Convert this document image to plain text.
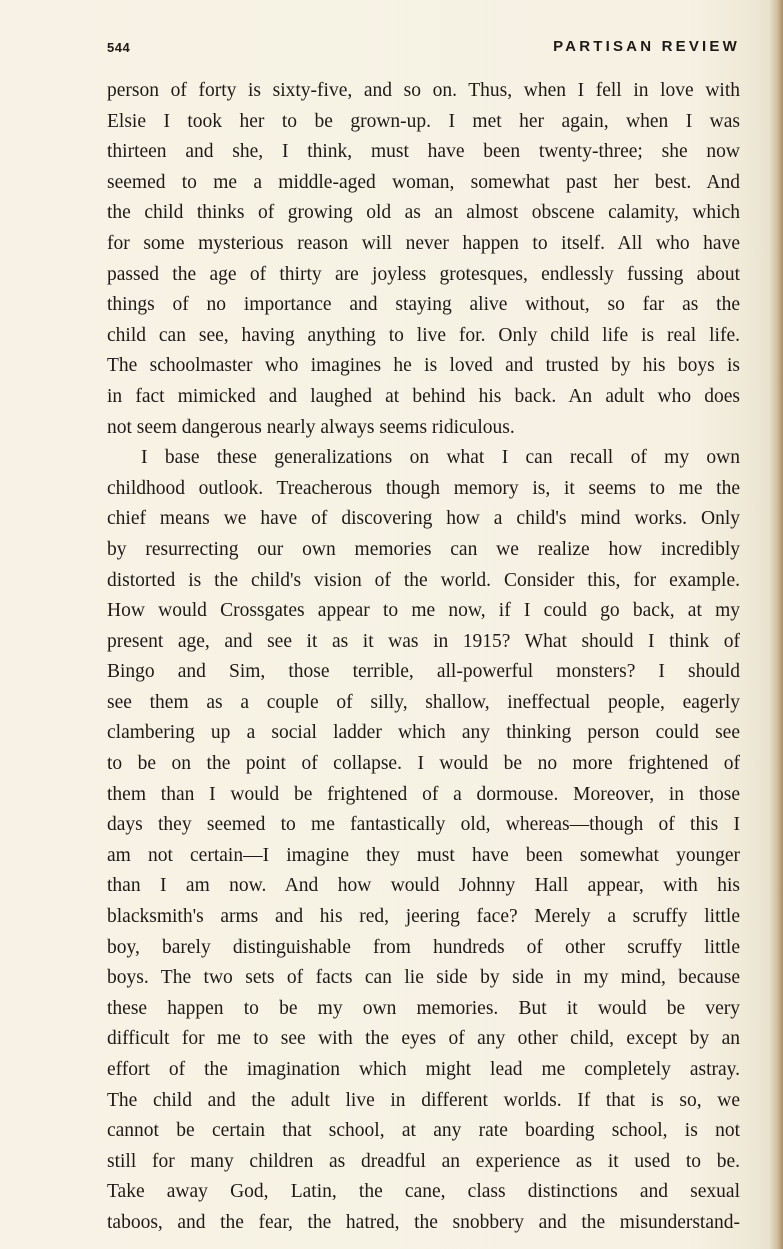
544	PARTISAN REVIEW
person of forty is sixty-five, and so on. Thus, when I fell in love with
Elsie I took her to be grown-up. I met her again, when I was
thirteen and she, I think, must have been twenty-three; she now
seemed to me a middle-aged woman, somewhat past her best. And
the child thinks of growing old as an almost obscene calamity, which
for some mysterious reason will never happen to itself. All who have
passed the age of thirty are joyless grotesques, endlessly fussing about
things of no importance and staying alive without, so far as the
child can see, having anything to live for. Only child life is real life.
The schoolmaster who imagines he is loved and trusted by his boys is
in fact mimicked and laughed at behind his back. An adult who does
not seem dangerous nearly always seems ridiculous.
I base these generalizations on what I can recall of my own
childhood outlook. Treacherous though memory is, it seems to me the
chief means we have of discovering how a child's mind works. Only
by resurrecting our own memories can we realize how incredibly
distorted is the child's vision of the world. Consider this, for example.
How would Crossgates appear to me now, if I could go back, at my
present age, and see it as it was in 1915? What should I think of
Bingo and Sim, those terrible, all-powerful monsters? I should
see them as a couple of silly, shallow, ineffectual people, eagerly
clambering up a social ladder which any thinking person could see
to be on the point of collapse. I would be no more frightened of
them than I would be frightened of a dormouse. Moreover, in those
days they seemed to me fantastically old, whereas—though of this I
am not certain—I imagine they must have been somewhat younger
than I am now. And how would Johnny Hall appear, with his
blacksmith's arms and his red, jeering face? Merely a scruffy little
boy, barely distinguishable from hundreds of other scruffy little
boys. The two sets of facts can lie side by side in my mind, because
these happen to be my own memories. But it would be very
difficult for me to see with the eyes of any other child, except by an
effort of the imagination which might lead me completely astray.
The child and the adult live in different worlds. If that is so, we
cannot be certain that school, at any rate boarding school, is not
still for many children as dreadful an experience as it used to be.
Take away God, Latin, the cane, class distinctions and sexual
taboos, and the fear, the hatred, the snobbery and the misunderstand-
